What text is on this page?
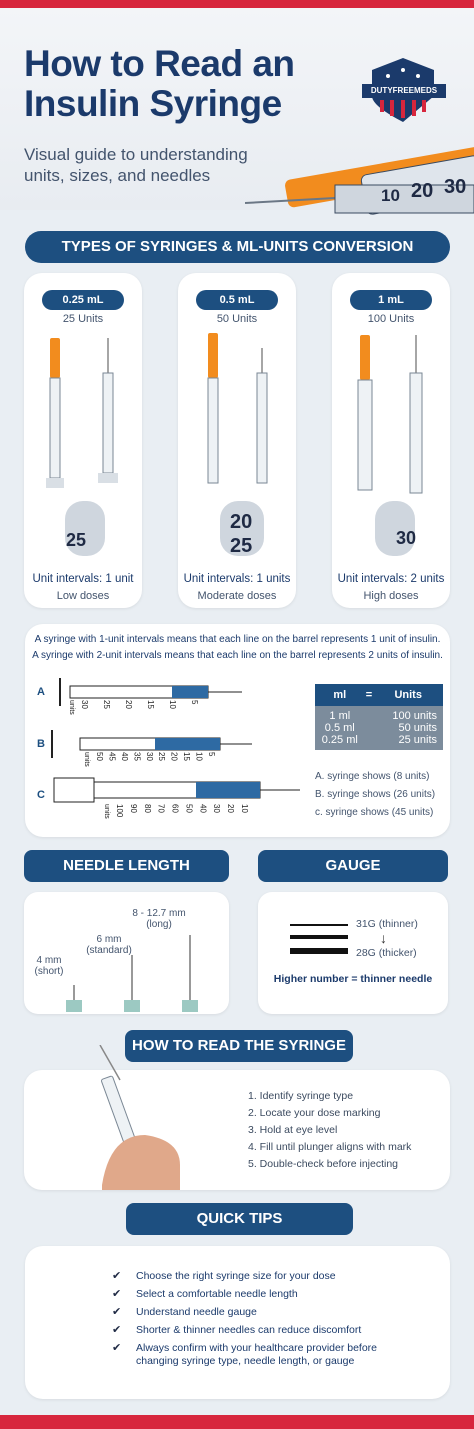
10 20 30
How to Read an Insulin Syringe
Visual guide to understanding units, sizes, and needles
DUTYFREEMEDS
TYPES OF SYRINGES & ML-UNITS CONVERSION
0.25 mL	0.5 mL	1 mL
25 Units	50 Units	100 Units
25
2025	30
Unit intervals: 1 unit	Unit intervals: 1 units	Unit intervals: 2 units
Low doses	Moderate doses	High doses
A syringe with 1-unit intervals means that each line on the barrel represents 1 unit of insulin.
A syringe with 2-unit intervals means that each line on the barrel represents 2 units of insulin.
A
B
C
units 30 25 20 15 10 5
units 50 45 40 35 30 25 20 15 10 5
units 100 90 80 70 60 50 40 30 20 10
ml	=	Units
1 ml		100 units
0.5 ml		50 units
0.25 ml		25 units
A. syringe shows (8 units)
B. syringe shows (26 units)
c. syringe shows (45 units)
NEEDLE LENGTH	GAUGE
4 mm
(short)
6 mm
(standard)
8 - 12.7 mm
(long)	31G (thinner)
↓
28G (thicker)
Higher number = thinner needle
HOW TO READ THE SYRINGE
1. Identify syringe type
2. Locate your dose marking
3. Hold at eye level
4. Fill until plunger aligns with mark
5. Double-check before injecting
QUICK TIPS
✔ Choose the right syringe size for your dose
✔ Select a comfortable needle length
✔ Understand needle gauge
✔ Shorter & thinner needles can reduce discomfort
✔ Always confirm with your healthcare provider before changing syringe type, needle length, or gauge
